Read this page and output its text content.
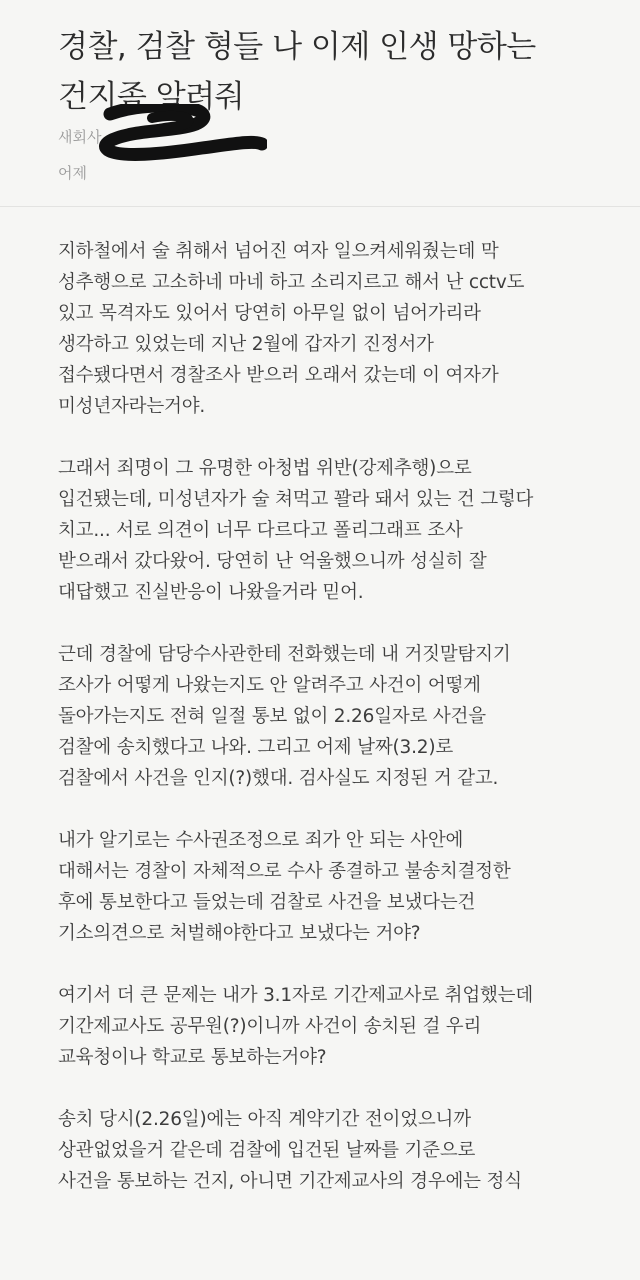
경찰, 검찰 형들 나 이제 인생 망하는
건지좀 알려줘
새회사
어제

지하철에서 술 취해서 넘어진 여자 일으켜세워줬는데 막
성추행으로 고소하네 마네 하고 소리지르고 해서 난 cctv도
있고 목격자도 있어서 당연히 아무일 없이 넘어가리라
생각하고 있었는데 지난 2월에 갑자기 진정서가
접수됐다면서 경찰조사 받으러 오래서 갔는데 이 여자가
미성년자라는거야.

그래서 죄명이 그 유명한 아청법 위반(강제추행)으로
입건됐는데, 미성년자가 술 쳐먹고 꽐라 돼서 있는 건 그렇다
치고... 서로 의견이 너무 다르다고 폴리그래프 조사
받으래서 갔다왔어. 당연히 난 억울했으니까 성실히 잘
대답했고 진실반응이 나왔을거라 믿어.

근데 경찰에 담당수사관한테 전화했는데 내 거짓말탐지기
조사가 어떻게 나왔는지도 안 알려주고 사건이 어떻게
돌아가는지도 전혀 일절 통보 없이 2.26일자로 사건을
검찰에 송치했다고 나와. 그리고 어제 날짜(3.2)로
검찰에서 사건을 인지(?)했대. 검사실도 지정된 거 같고.

내가 알기로는 수사권조정으로 죄가 안 되는 사안에
대해서는 경찰이 자체적으로 수사 종결하고 불송치결정한
후에 통보한다고 들었는데 검찰로 사건을 보냈다는건
기소의견으로 처벌해야한다고 보냈다는 거야?

여기서 더 큰 문제는 내가 3.1자로 기간제교사로 취업했는데
기간제교사도 공무원(?)이니까 사건이 송치된 걸 우리
교육청이나 학교로 통보하는거야?

송치 당시(2.26일)에는 아직 계약기간 전이었으니까
상관없었을거 같은데 검찰에 입건된 날짜를 기준으로
사건을 통보하는 건지, 아니면 기간제교사의 경우에는 정식
